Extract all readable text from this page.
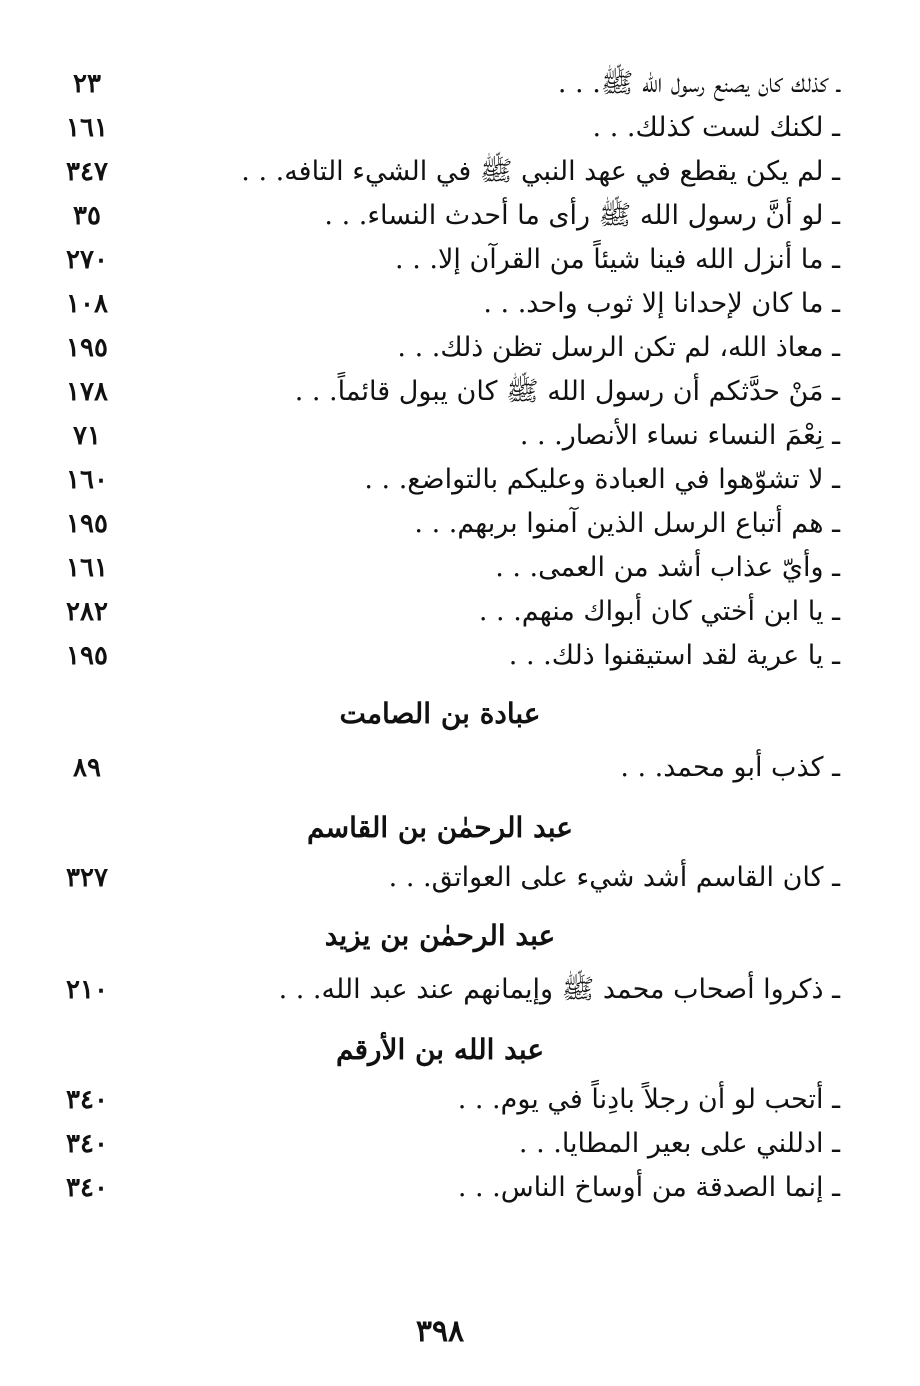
ـ كذلك كان يصنع رسول الله ﷺ. . .
٢٣
ـ لكنك لست كذلك. . .
١٦١
ـ لم يكن يقطع في عهد النبي ﷺ في الشيء التافه. . .
٣٤٧
ـ لو أنَّ رسول الله ﷺ رأى ما أحدث النساء. . .
٣٥
ـ ما أنزل الله فينا شيئاً من القرآن إلا. . .
٢٧٠
ـ ما كان لإحدانا إلا ثوب واحد. . .
١٠٨
ـ معاذ الله، لم تكن الرسل تظن ذلك. . .
١٩٥
ـ مَنْ حدَّثكم أن رسول الله ﷺ كان يبول قائماً. . .
١٧٨
ـ نِعْمَ النساء نساء الأنصار. . .
٧١
ـ لا تشوّهوا في العبادة وعليكم بالتواضع. . .
١٦٠
ـ هم أتباع الرسل الذين آمنوا بربهم. . .
١٩٥
ـ وأيّ عذاب أشد من العمى. . .
١٦١
ـ يا ابن أختي كان أبواك منهم. . .
٢٨٢
ـ يا عرية لقد استيقنوا ذلك. . .
١٩٥
عبادة بن الصامت
ـ كذب أبو محمد. . .
٨٩
عبد الرحمٰن بن القاسم
ـ كان القاسم أشد شيء على العواتق. . .
٣٢٧
عبد الرحمٰن بن يزيد
ـ ذكروا أصحاب محمد ﷺ وإيمانهم عند عبد الله. . .
٢١٠
عبد الله بن الأرقم
ـ أتحب لو أن رجلاً بادِناً في يوم. . .
٣٤٠
ـ ادللني على بعير المطايا. . .
٣٤٠
ـ إنما الصدقة من أوساخ الناس. . .
٣٤٠
٣٩٨
